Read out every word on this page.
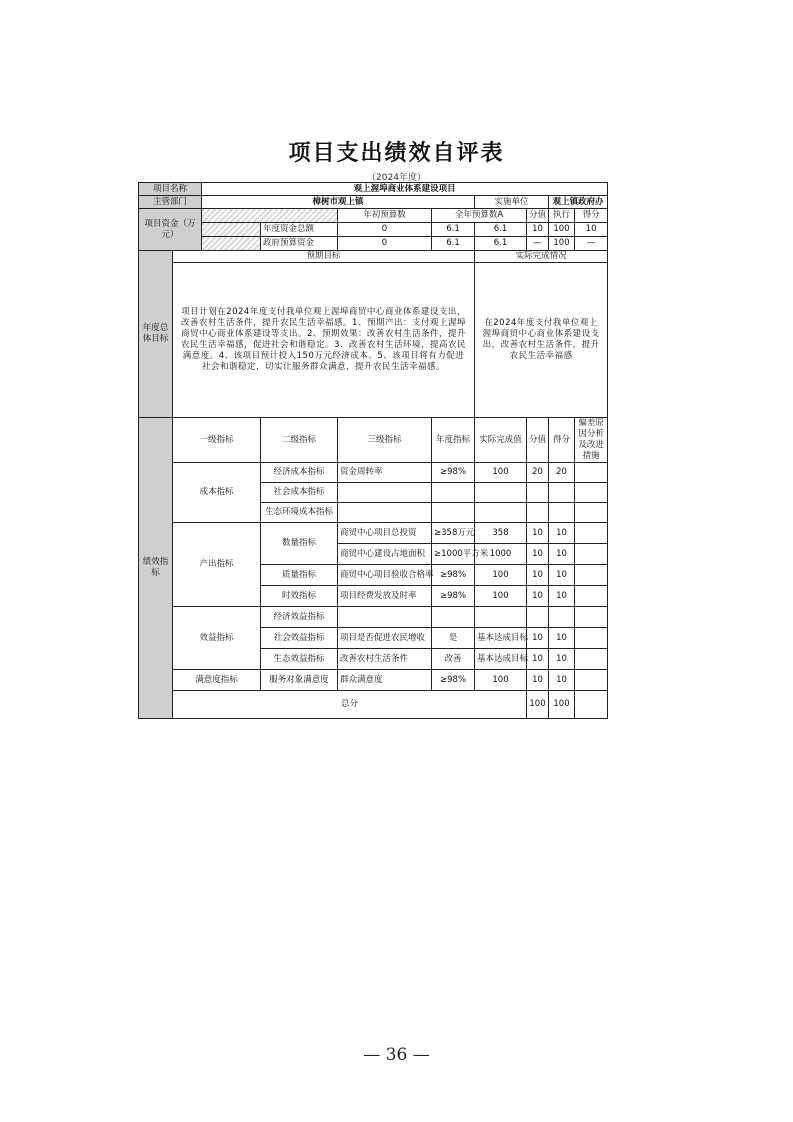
项目支出绩效自评表
（2024年度）
项目名称		观上渥埠商业体系建设项目							
主管部门		樟树市观上镇				实施单位		观上镇政府办	
项目资金（万元）				年初预算数	全年预算数A		分值	执行	得分
			年度资金总额	0	6.1	6.1	10	100	10
			政府预算资金	0	6.1	6.1	—	100	—
年度总体目标	预期目标					实际完成情况			
	项目计划在2024年度支付我单位观上渥埠商贸中心商业体系建设支出，改善农村生活条件，提升农民生活幸福感。1、预期产出：支付观上渥埠商贸中心商业体系建设等支出。2、预期效果：改善农村生活条件，提升农民生活幸福感，促进社会和谐稳定。3、改善农村生活环境，提高农民满意度。4、该项目预计投入150万元经济成本。5、该项目将有力促进社会和谐稳定，切实让服务群众满意，提升农民生活幸福感。					在2024年度支付我单位观上渥埠商贸中心商业体系建设支出，改善农村生活条件，提升农民生活幸福感			
绩效指标	一级指标		二级指标	三级指标	年度指标	实际完成值	分值	得分	偏差原因分析及改进措施
	成本指标		经济成本指标	资金周转率	≥98%	100	20	20	
			社会成本指标						
			生态环境成本指标						
	产出指标		数量指标	商贸中心项目总投资	≥358万元	358	10	10	
				商贸中心建设占地面积	≥1000平方米	1000	10	10	
			质量指标	商贸中心项目验收合格率	≥98%	100	10	10	
			时效指标	项目经费发放及时率	≥98%	100	10	10	
	效益指标		经济效益指标						
			社会效益指标	项目是否促进农民增收	是	基本达成目标	10	10	
			生态效益指标	改善农村生活条件	改善	基本达成目标	10	10	
	满意度指标		服务对象满意度	群众满意度	≥98%	100	10	10	
	总分						100	100	
— 36 —
